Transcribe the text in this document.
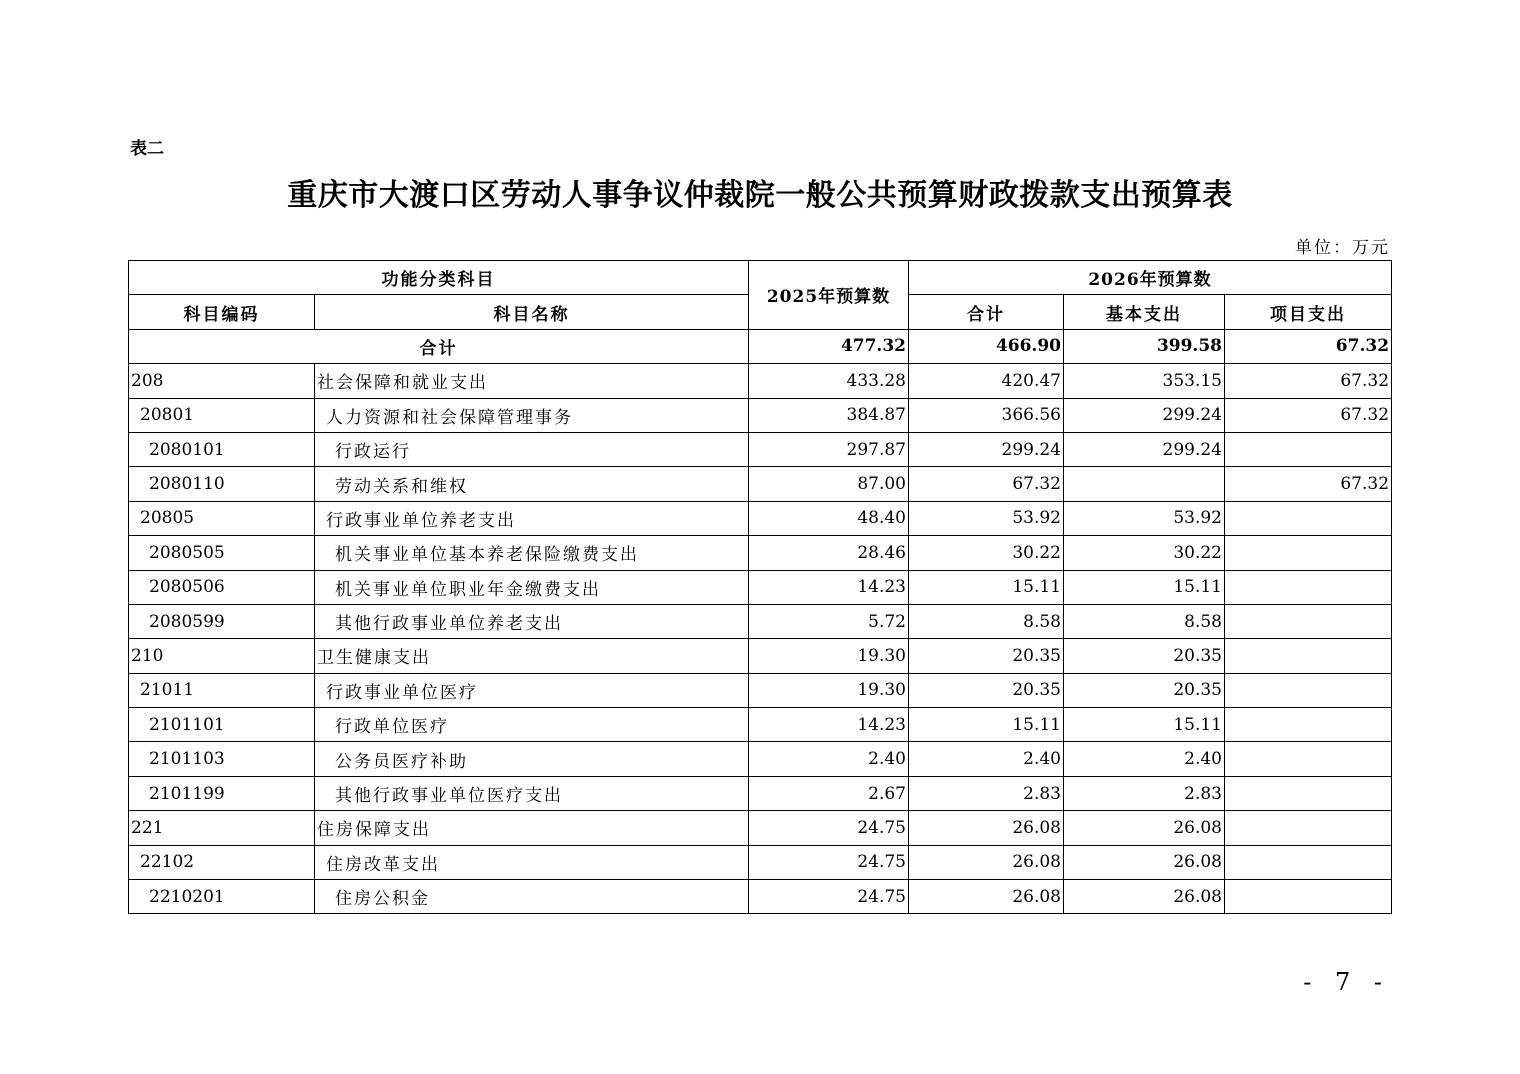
表二
重庆市大渡口区劳动人事争议仲裁院一般公共预算财政拨款支出预算表
单位：万元
功能分类科目		2025年预算数	2026年预算数		
科目编码	科目名称		合计	基本支出	项目支出
合计		477.32	466.90	399.58	67.32
208	社会保障和就业支出	433.28	420.47	353.15	67.32
20801	人力资源和社会保障管理事务	384.87	366.56	299.24	67.32
2080101	行政运行	297.87	299.24	299.24	
2080110	劳动关系和维权	87.00	67.32		67.32
20805	行政事业单位养老支出	48.40	53.92	53.92	
2080505	机关事业单位基本养老保险缴费支出	28.46	30.22	30.22	
2080506	机关事业单位职业年金缴费支出	14.23	15.11	15.11	
2080599	其他行政事业单位养老支出	5.72	8.58	8.58	
210	卫生健康支出	19.30	20.35	20.35	
21011	行政事业单位医疗	19.30	20.35	20.35	
2101101	行政单位医疗	14.23	15.11	15.11	
2101103	公务员医疗补助	2.40	2.40	2.40	
2101199	其他行政事业单位医疗支出	2.67	2.83	2.83	
221	住房保障支出	24.75	26.08	26.08	
22102	住房改革支出	24.75	26.08	26.08	
2210201	住房公积金	24.75	26.08	26.08	
- 7 -
